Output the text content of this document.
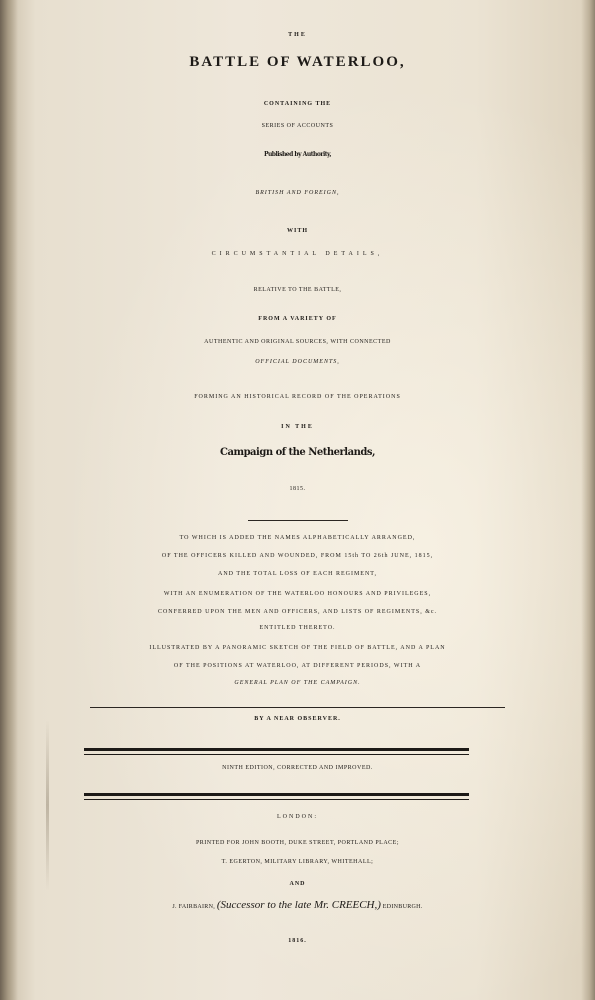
THE
BATTLE OF WATERLOO,
CONTAINING THE
SERIES OF ACCOUNTS
Published by Authority,
BRITISH AND FOREIGN,
WITH
CIRCUMSTANTIAL DETAILS,
RELATIVE TO THE BATTLE,
FROM A VARIETY OF
AUTHENTIC AND ORIGINAL SOURCES, WITH CONNECTED
OFFICIAL DOCUMENTS,
FORMING AN HISTORICAL RECORD OF THE OPERATIONS
IN THE
Campaign of the Netherlands,
1815.
TO WHICH IS ADDED THE NAMES ALPHABETICALLY ARRANGED,
OF THE OFFICERS KILLED AND WOUNDED, FROM 15th TO 26th JUNE, 1815,
AND THE TOTAL LOSS OF EACH REGIMENT,
WITH AN ENUMERATION OF THE WATERLOO HONOURS AND PRIVILEGES,
CONFERRED UPON THE MEN AND OFFICERS, AND LISTS OF REGIMENTS, &c.
ENTITLED THERETO.
ILLUSTRATED BY A PANORAMIC SKETCH OF THE FIELD OF BATTLE, AND A PLAN
OF THE POSITIONS AT WATERLOO, AT DIFFERENT PERIODS, WITH A
GENERAL PLAN OF THE CAMPAIGN.
BY A NEAR OBSERVER.
NINTH EDITION, CORRECTED AND IMPROVED.
LONDON:
PRINTED FOR JOHN BOOTH, DUKE STREET, PORTLAND PLACE;
T. EGERTON, MILITARY LIBRARY, WHITEHALL;
AND
J. FAIRBAIRN, (Successor to the late Mr. CREECH,) EDINBURGH.
1816.
